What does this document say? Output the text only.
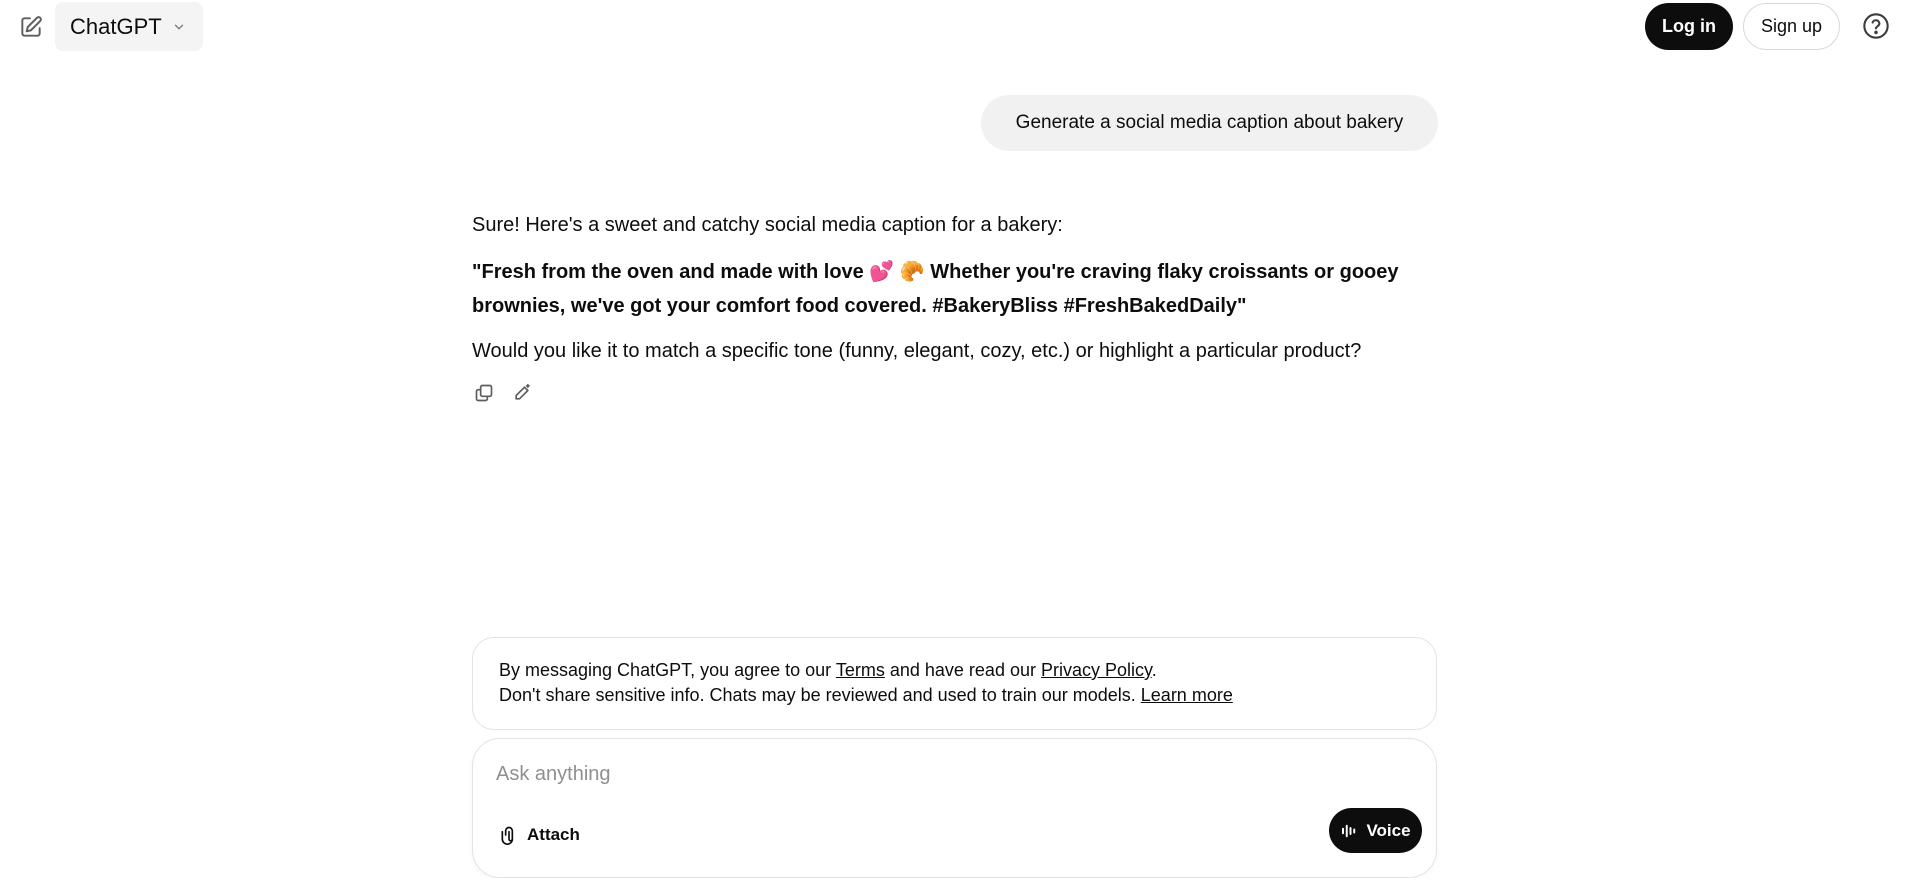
ChatGPT	Log in	Sign up
Generate a social media caption about bakery

Sure! Here's a sweet and catchy social media caption for a bakery:

"Fresh from the oven and made with love 💕 🥐 Whether you're craving flaky croissants or gooey brownies, we've got your comfort food covered. #BakeryBliss #FreshBakedDaily"

Would you like it to match a specific tone (funny, elegant, cozy, etc.) or highlight a particular product?

By messaging ChatGPT, you agree to our Terms and have read our Privacy Policy.
Don't share sensitive info. Chats may be reviewed and used to train our models. Learn more
Ask anything
Attach	Voice
